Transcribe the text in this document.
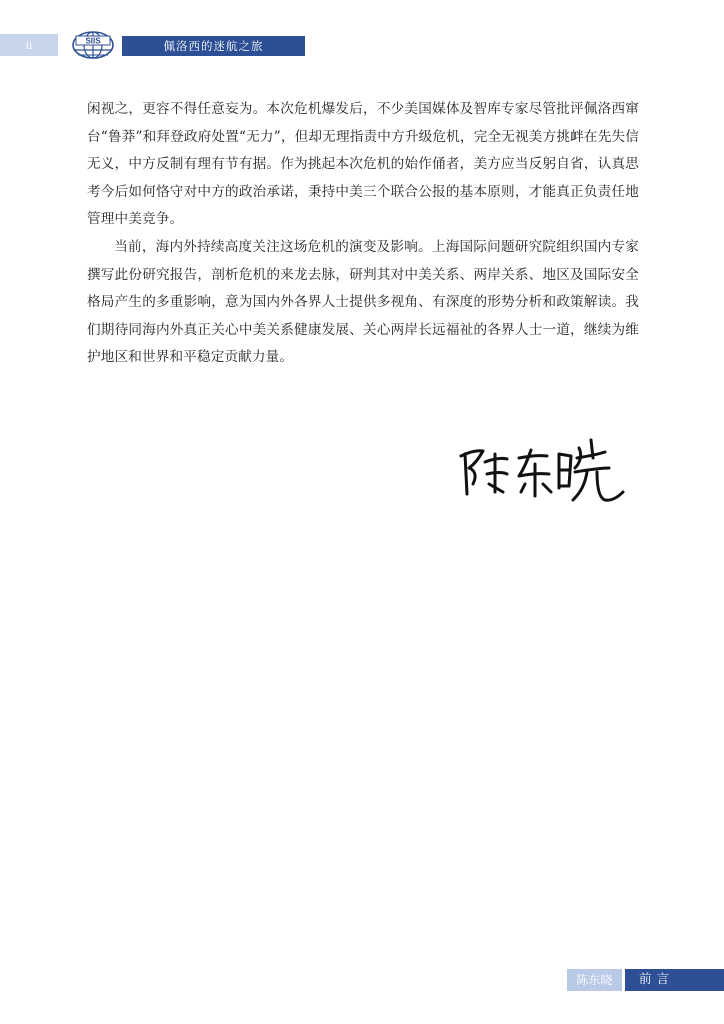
ii	SIIS	佩洛西的迷航之旅

闲视之，更容不得任意妄为。本次危机爆发后，不少美国媒体及智库专家尽管批评佩洛西窜台“鲁莽”和拜登政府处置“无力”，但却无理指责中方升级危机，完全无视美方挑衅在先失信无义，中方反制有理有节有据。作为挑起本次危机的始作俑者，美方应当反躬自省，认真思考今后如何恪守对中方的政治承诺，秉持中美三个联合公报的基本原则，才能真正负责任地管理中美竞争。

当前，海内外持续高度关注这场危机的演变及影响。上海国际问题研究院组织国内专家撰写此份研究报告，剖析危机的来龙去脉，研判其对中美关系、两岸关系、地区及国际安全格局产生的多重影响，意为国内外各界人士提供多视角、有深度的形势分析和政策解读。我们期待同海内外真正关心中美关系健康发展、关心两岸长远福祉的各界人士一道，继续为维护地区和世界和平稳定贡献力量。

陈东晓	前言
